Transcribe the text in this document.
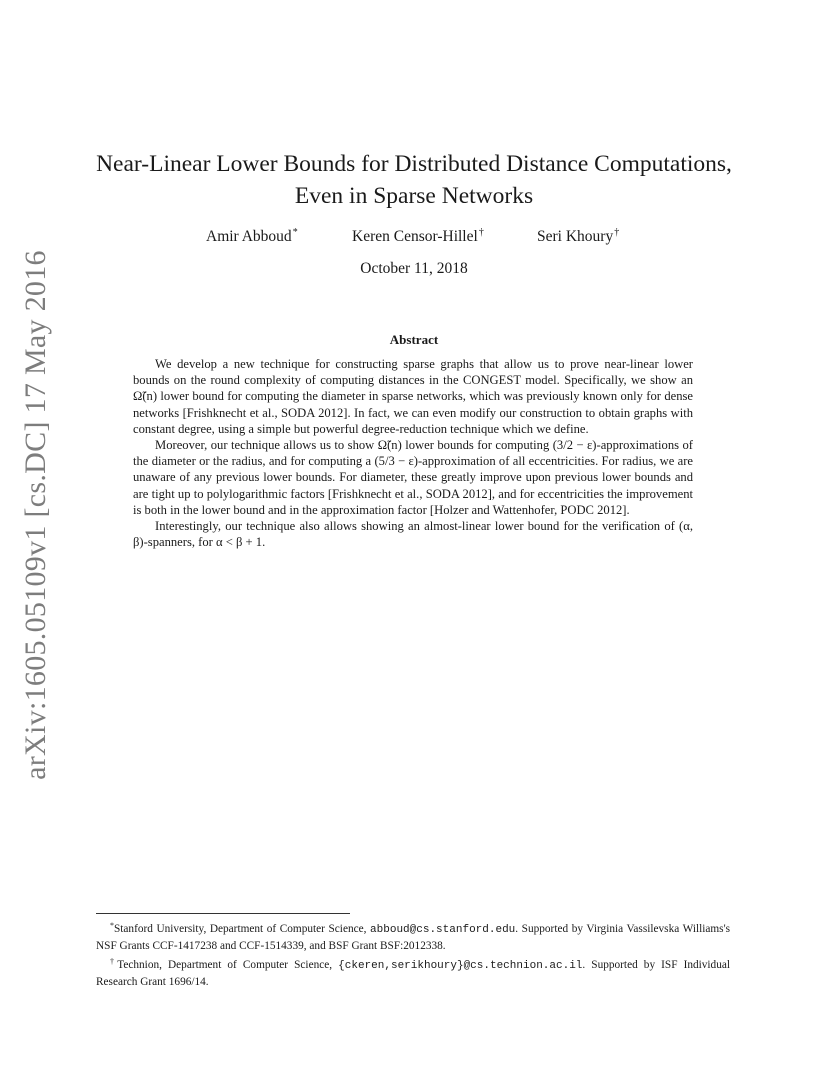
arXiv:1605.05109v1 [cs.DC] 17 May 2016
Near-Linear Lower Bounds for Distributed Distance Computations,
Even in Sparse Networks
Amir Abboud*	Keren Censor-Hillel†	Seri Khoury†
October 11, 2018
Abstract

We develop a new technique for constructing sparse graphs that allow us to prove near-linear lower bounds on the round complexity of computing distances in the CONGEST model. Specifically, we show an Ω̃(n) lower bound for computing the diameter in sparse networks, which was previously known only for dense networks [Frishknecht et al., SODA 2012]. In fact, we can even modify our construction to obtain graphs with constant degree, using a simple but powerful degree-reduction technique which we define.

Moreover, our technique allows us to show Ω̃(n) lower bounds for computing (3/2 − ε)-approximations of the diameter or the radius, and for computing a (5/3 − ε)-approximation of all eccentricities. For radius, we are unaware of any previous lower bounds. For diameter, these greatly improve upon previous lower bounds and are tight up to polylogarithmic factors [Frishknecht et al., SODA 2012], and for eccentricities the improvement is both in the lower bound and in the approximation factor [Holzer and Wattenhofer, PODC 2012].

Interestingly, our technique also allows showing an almost-linear lower bound for the verification of (α, β)-spanners, for α < β + 1.

*Stanford University, Department of Computer Science, abboud@cs.stanford.edu. Supported by Virginia Vassilevska Williams's NSF Grants CCF-1417238 and CCF-1514339, and BSF Grant BSF:2012338.

†Technion, Department of Computer Science, {ckeren,serikhoury}@cs.technion.ac.il. Supported by ISF Individual Research Grant 1696/14.
